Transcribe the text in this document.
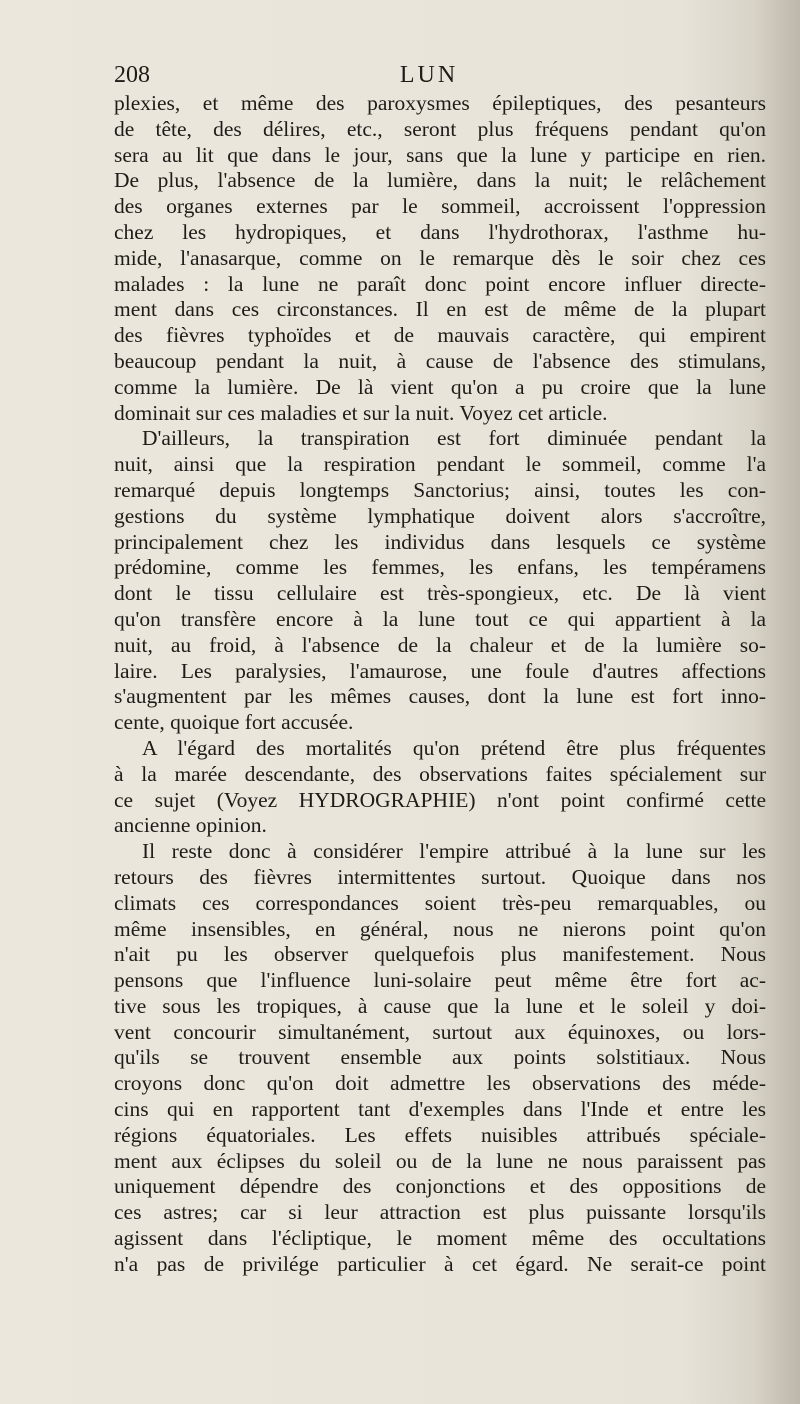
208	LUN
plexies, et même des paroxysmes épileptiques, des pesanteurs
de tête, des délires, etc., seront plus fréquens pendant qu'on
sera au lit que dans le jour, sans que la lune y participe en rien.
De plus, l'absence de la lumière, dans la nuit; le relâchement
des organes externes par le sommeil, accroissent l'oppression
chez les hydropiques, et dans l'hydrothorax, l'asthme hu-
mide, l'anasarque, comme on le remarque dès le soir chez ces
malades : la lune ne paraît donc point encore influer directe-
ment dans ces circonstances. Il en est de même de la plupart
des fièvres typhoïdes et de mauvais caractère, qui empirent
beaucoup pendant la nuit, à cause de l'absence des stimulans,
comme la lumière. De là vient qu'on a pu croire que la lune
dominait sur ces maladies et sur la nuit. Voyez cet article.
D'ailleurs, la transpiration est fort diminuée pendant la
nuit, ainsi que la respiration pendant le sommeil, comme l'a
remarqué depuis longtemps Sanctorius; ainsi, toutes les con-
gestions du système lymphatique doivent alors s'accroître,
principalement chez les individus dans lesquels ce système
prédomine, comme les femmes, les enfans, les tempéramens
dont le tissu cellulaire est très-spongieux, etc. De là vient
qu'on transfère encore à la lune tout ce qui appartient à la
nuit, au froid, à l'absence de la chaleur et de la lumière so-
laire. Les paralysies, l'amaurose, une foule d'autres affections
s'augmentent par les mêmes causes, dont la lune est fort inno-
cente, quoique fort accusée.
A l'égard des mortalités qu'on prétend être plus fréquentes
à la marée descendante, des observations faites spécialement sur
ce sujet (Voyez HYDROGRAPHIE) n'ont point confirmé cette
ancienne opinion.
Il reste donc à considérer l'empire attribué à la lune sur les
retours des fièvres intermittentes surtout. Quoique dans nos
climats ces correspondances soient très-peu remarquables, ou
même insensibles, en général, nous ne nierons point qu'on
n'ait pu les observer quelquefois plus manifestement. Nous
pensons que l'influence luni-solaire peut même être fort ac-
tive sous les tropiques, à cause que la lune et le soleil y doi-
vent concourir simultanément, surtout aux équinoxes, ou lors-
qu'ils se trouvent ensemble aux points solstitiaux. Nous
croyons donc qu'on doit admettre les observations des méde-
cins qui en rapportent tant d'exemples dans l'Inde et entre les
régions équatoriales. Les effets nuisibles attribués spéciale-
ment aux éclipses du soleil ou de la lune ne nous paraissent pas
uniquement dépendre des conjonctions et des oppositions de
ces astres; car si leur attraction est plus puissante lorsqu'ils
agissent dans l'écliptique, le moment même des occultations
n'a pas de privilége particulier à cet égard. Ne serait-ce point
